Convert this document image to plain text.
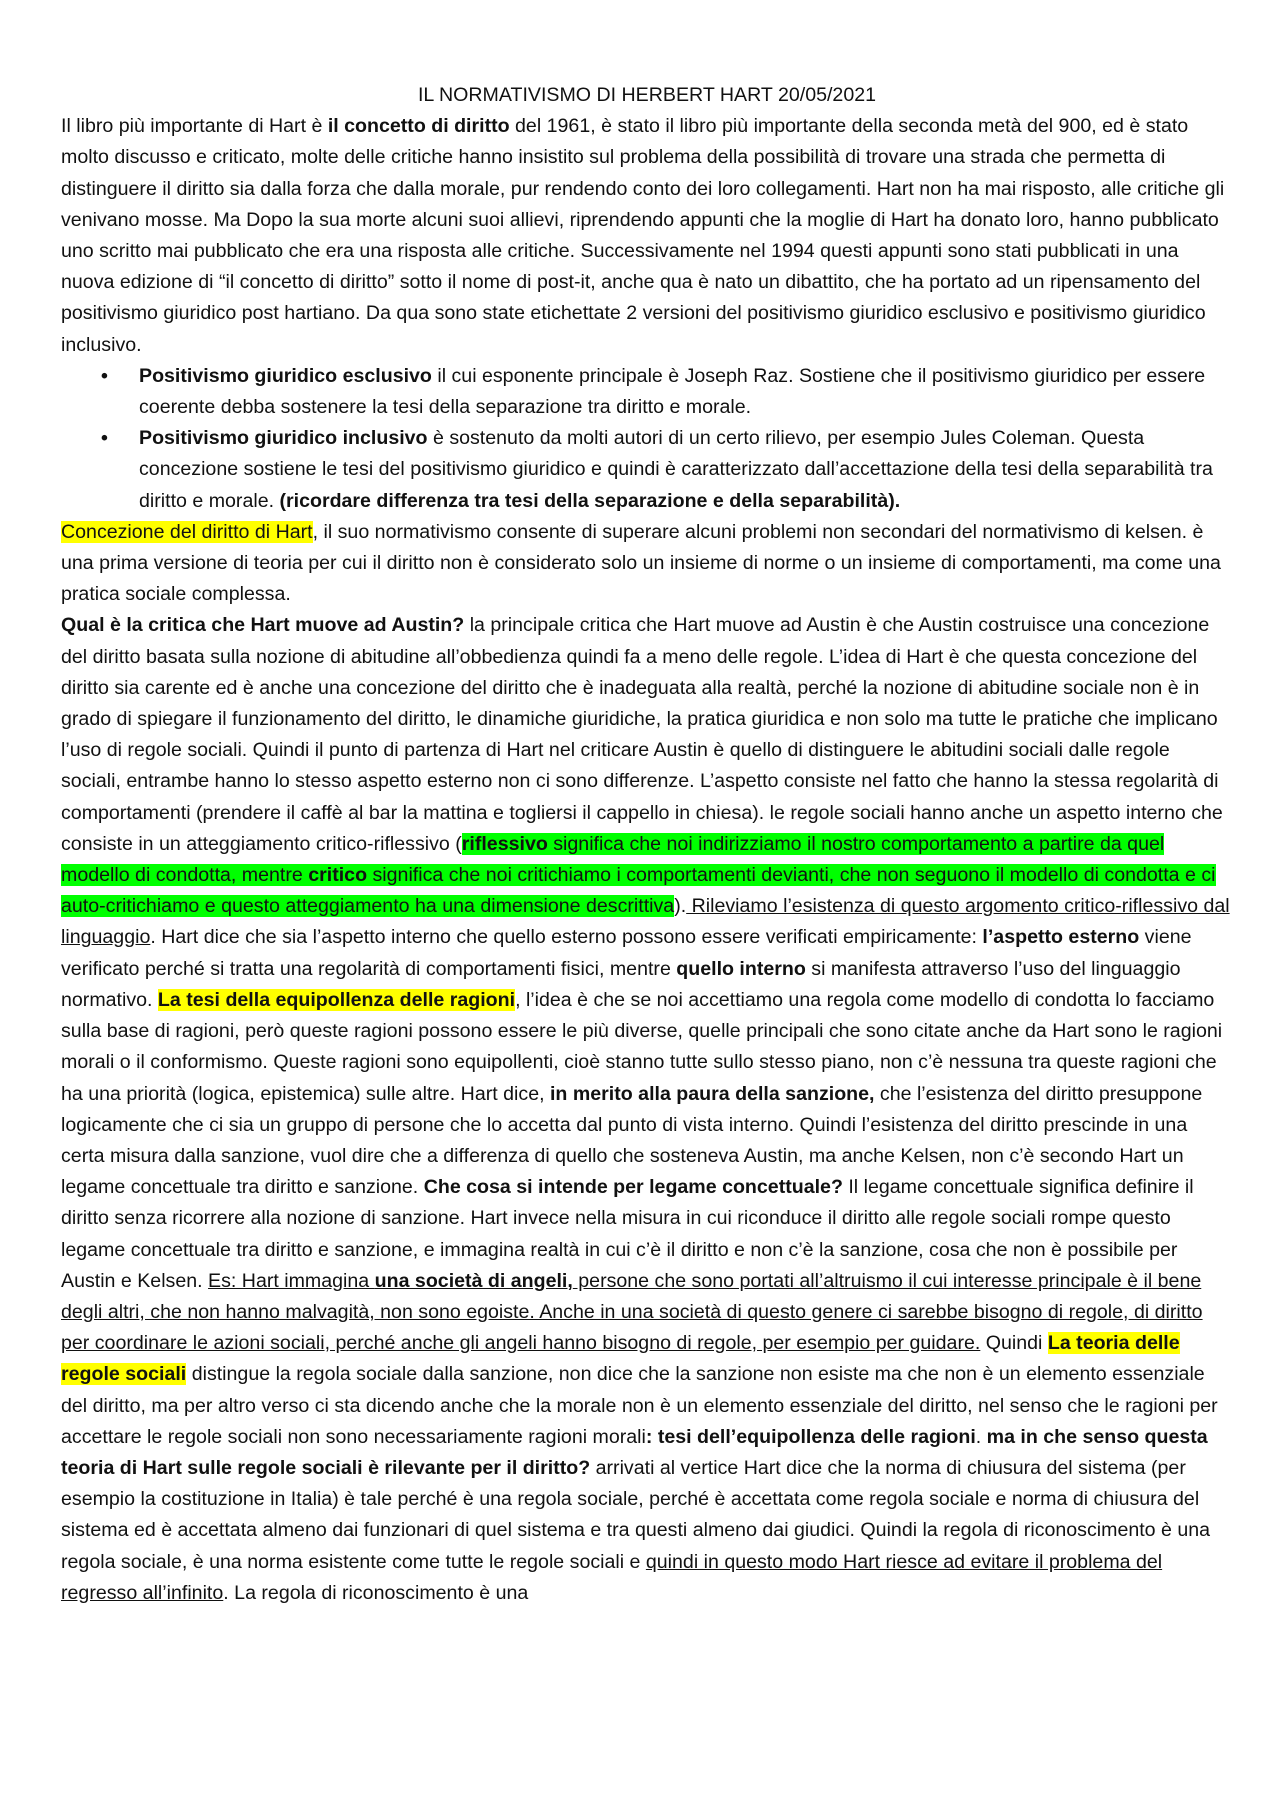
IL NORMATIVISMO DI HERBERT HART 20/05/2021

Il libro più importante di Hart è il concetto di diritto del 1961, è stato il libro più importante della seconda metà del 900, ed è stato molto discusso e criticato, molte delle critiche hanno insistito sul problema della possibilità di trovare una strada che permetta di distinguere il diritto sia dalla forza che dalla morale, pur rendendo conto dei loro collegamenti. Hart non ha mai risposto, alle critiche gli venivano mosse. Ma Dopo la sua morte alcuni suoi allievi, riprendendo appunti che la moglie di Hart ha donato loro, hanno pubblicato uno scritto mai pubblicato che era una risposta alle critiche. Successivamente nel 1994 questi appunti sono stati pubblicati in una nuova edizione di “il concetto di diritto” sotto il nome di post-it, anche qua è nato un dibattito, che ha portato ad un ripensamento del positivismo giuridico post hartiano. Da qua sono state etichettate 2 versioni del positivismo giuridico esclusivo e positivismo giuridico inclusivo.

• Positivismo giuridico esclusivo il cui esponente principale è Joseph Raz. Sostiene che il positivismo giuridico per essere coerente debba sostenere la tesi della separazione tra diritto e morale.
• Positivismo giuridico inclusivo è sostenuto da molti autori di un certo rilievo, per esempio Jules Coleman. Questa concezione sostiene le tesi del positivismo giuridico e quindi è caratterizzato dall’accettazione della tesi della separabilità tra diritto e morale. (ricordare differenza tra tesi della separazione e della separabilità).

Concezione del diritto di Hart, il suo normativismo consente di superare alcuni problemi non secondari del normativismo di kelsen. è una prima versione di teoria per cui il diritto non è considerato solo un insieme di norme o un insieme di comportamenti, ma come una pratica sociale complessa.

Qual è la critica che Hart muove ad Austin? la principale critica che Hart muove ad Austin è che Austin costruisce una concezione del diritto basata sulla nozione di abitudine all’obbedienza quindi fa a meno delle regole. L’idea di Hart è che questa concezione del diritto sia carente ed è anche una concezione del diritto che è inadeguata alla realtà, perché la nozione di abitudine sociale non è in grado di spiegare il funzionamento del diritto, le dinamiche giuridiche, la pratica giuridica e non solo ma tutte le pratiche che implicano l’uso di regole sociali. Quindi il punto di partenza di Hart nel criticare Austin è quello di distinguere le abitudini sociali dalle regole sociali, entrambe hanno lo stesso aspetto esterno non ci sono differenze. L’aspetto consiste nel fatto che hanno la stessa regolarità di comportamenti (prendere il caffè al bar la mattina e togliersi il cappello in chiesa). le regole sociali hanno anche un aspetto interno che consiste in un atteggiamento critico-riflessivo (riflessivo significa che noi indirizziamo il nostro comportamento a partire da quel modello di condotta, mentre critico significa che noi critichiamo i comportamenti devianti, che non seguono il modello di condotta e ci auto-critichiamo e questo atteggiamento ha una dimensione descrittiva). Rileviamo l’esistenza di questo argomento critico-riflessivo dal linguaggio. Hart dice che sia l’aspetto interno che quello esterno possono essere verificati empiricamente: l’aspetto esterno viene verificato perché si tratta una regolarità di comportamenti fisici, mentre quello interno si manifesta attraverso l’uso del linguaggio normativo. La tesi della equipollenza delle ragioni, l’idea è che se noi accettiamo una regola come modello di condotta lo facciamo sulla base di ragioni, però queste ragioni possono essere le più diverse, quelle principali che sono citate anche da Hart sono le ragioni morali o il conformismo. Queste ragioni sono equipollenti, cioè stanno tutte sullo stesso piano, non c’è nessuna tra queste ragioni che ha una priorità (logica, epistemica) sulle altre. Hart dice, in merito alla paura della sanzione, che l’esistenza del diritto presuppone logicamente che ci sia un gruppo di persone che lo accetta dal punto di vista interno. Quindi l’esistenza del diritto prescinde in una certa misura dalla sanzione, vuol dire che a differenza di quello che sosteneva Austin, ma anche Kelsen, non c’è secondo Hart un legame concettuale tra diritto e sanzione. Che cosa si intende per legame concettuale? Il legame concettuale significa definire il diritto senza ricorrere alla nozione di sanzione. Hart invece nella misura in cui riconduce il diritto alle regole sociali rompe questo legame concettuale tra diritto e sanzione, e immagina realtà in cui c’è il diritto e non c’è la sanzione, cosa che non è possibile per Austin e Kelsen. Es: Hart immagina una società di angeli, persone che sono portati all’altruismo il cui interesse principale è il bene degli altri, che non hanno malvagità, non sono egoiste. Anche in una società di questo genere ci sarebbe bisogno di regole, di diritto per coordinare le azioni sociali, perché anche gli angeli hanno bisogno di regole, per esempio per guidare. Quindi La teoria delle regole sociali distingue la regola sociale dalla sanzione, non dice che la sanzione non esiste ma che non è un elemento essenziale del diritto, ma per altro verso ci sta dicendo anche che la morale non è un elemento essenziale del diritto, nel senso che le ragioni per accettare le regole sociali non sono necessariamente ragioni morali: tesi dell’equipollenza delle ragioni. ma in che senso questa teoria di Hart sulle regole sociali è rilevante per il diritto? arrivati al vertice Hart dice che la norma di chiusura del sistema (per esempio la costituzione in Italia) è tale perché è una regola sociale, perché è accettata come regola sociale e norma di chiusura del sistema ed è accettata almeno dai funzionari di quel sistema e tra questi almeno dai giudici. Quindi la regola di riconoscimento è una regola sociale, è una norma esistente come tutte le regole sociali e quindi in questo modo Hart riesce ad evitare il problema del regresso all’infinito. La regola di riconoscimento è una
